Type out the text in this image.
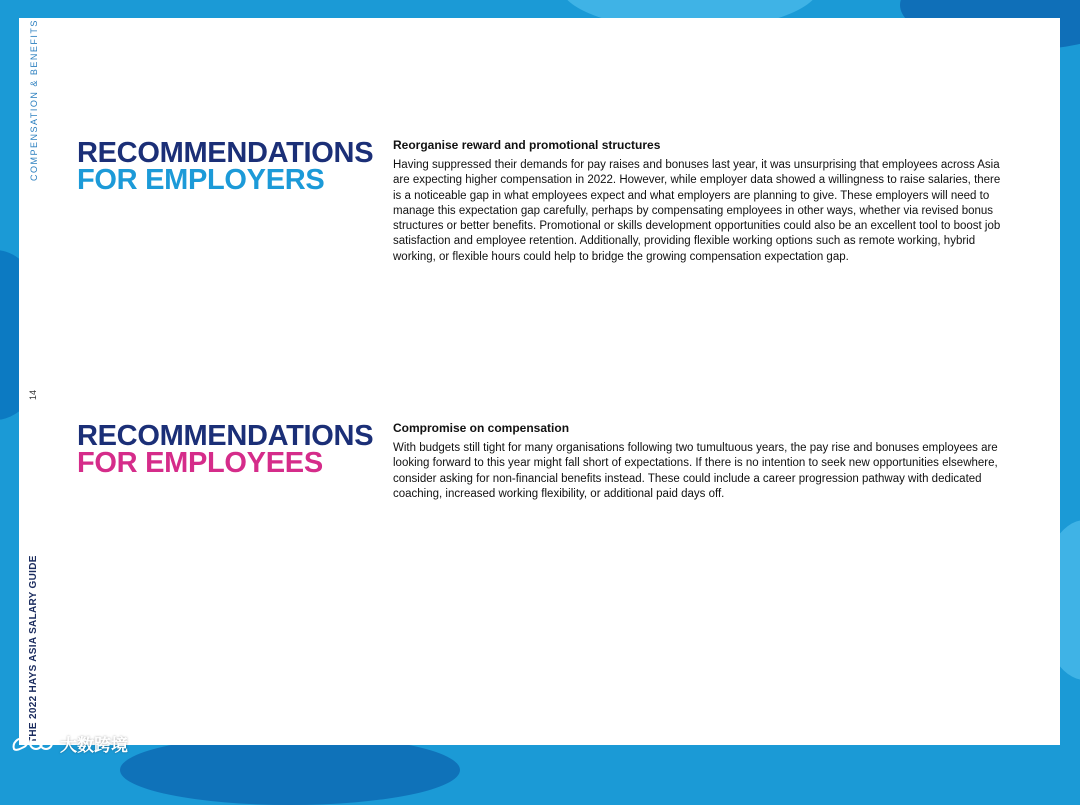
COMPENSATION & BENEFITS
14
THE 2022 HAYS ASIA SALARY GUIDE
RECOMMENDATIONS
FOR EMPLOYERS

Reorganise reward and promotional structures

Having suppressed their demands for pay raises and bonuses last year, it was unsurprising that employees across Asia are expecting higher compensation in 2022. However, while employer data showed a willingness to raise salaries, there is a noticeable gap in what employees expect and what employers are planning to give. These employers will need to manage this expectation gap carefully, perhaps by compensating employees in other ways, whether via revised bonus structures or better benefits. Promotional or skills development opportunities could also be an excellent tool to boost job satisfaction and employee retention. Additionally, providing flexible working options such as remote working, hybrid working, or flexible hours could help to bridge the growing compensation expectation gap.

RECOMMENDATIONS
FOR EMPLOYEES

Compromise on compensation

With budgets still tight for many organisations following two tumultuous years, the pay rise and bonuses employees are looking forward to this year might fall short of expectations. If there is no intention to seek new opportunities elsewhere, consider asking for non-financial benefits instead. These could include a career progression pathway with dedicated coaching, increased working flexibility, or additional paid days off.

大数跨境
